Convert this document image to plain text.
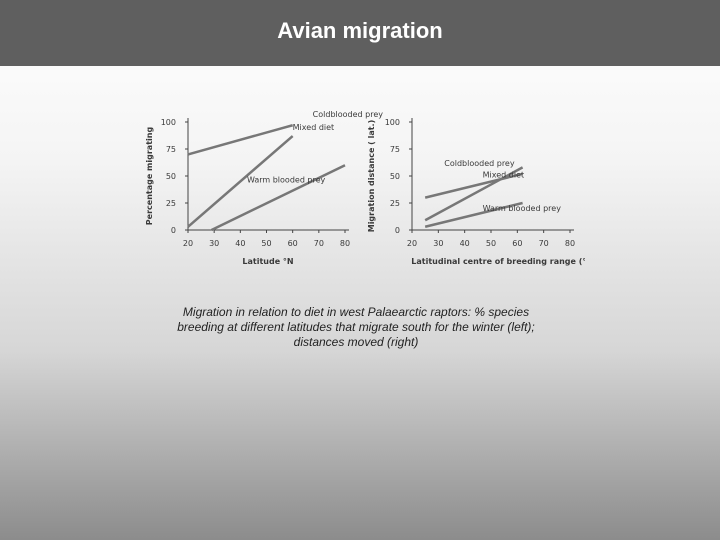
Avian migration
0
25
50
75
100
20 30 40 50 60 70 80
Latitude °N
Percentage migrating
Coldblooded prey
Mixed diet
Warm blooded prey
0
25
50
75
100
20 30 40 50 60 70 80
Latitudinal centre of breeding range (°N)
Migration distance ( lat.)	Coldblooded prey
Mixed diet
Warm blooded prey
Migration in relation to diet in west Palaearctic raptors: % species breeding at different latitudes that migrate south for the winter (left); distances moved (right)
